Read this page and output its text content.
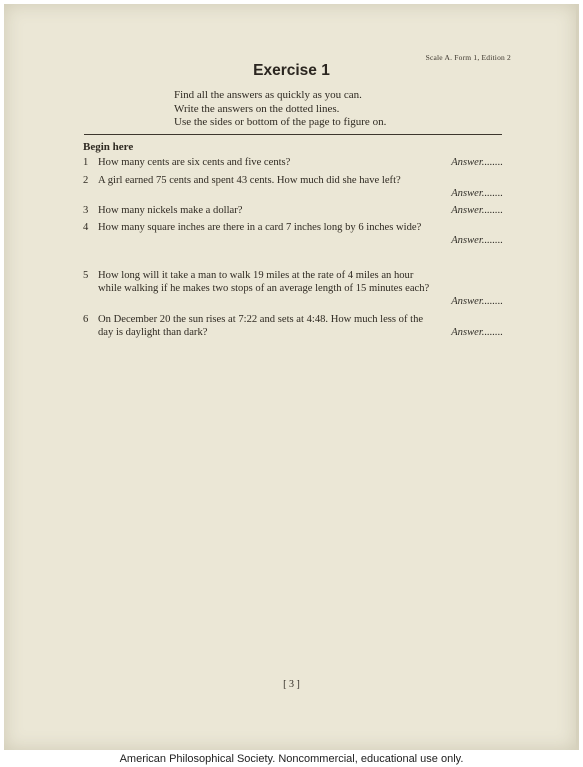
Scale A. Form 1, Edition 2
Exercise 1
Find all the answers as quickly as you can.
Write the answers on the dotted lines.
Use the sides or bottom of the page to figure on.
Begin here
1 How many cents are six cents and five cents?	Answer........
2 A girl earned 75 cents and spent 43 cents. How much did she have left?
Answer........
3 How many nickels make a dollar?	Answer........
4 How many square inches are there in a card 7 inches long by 6 inches wide?
Answer........
5 How long will it take a man to walk 19 miles at the rate of 4 miles an hour while walking if he makes two stops of an average length of 15 minutes each?
Answer........
6 On December 20 the sun rises at 7:22 and sets at 4:48. How much less of the day is daylight than dark?	Answer........
[ 3 ]
American Philosophical Society. Noncommercial, educational use only.
